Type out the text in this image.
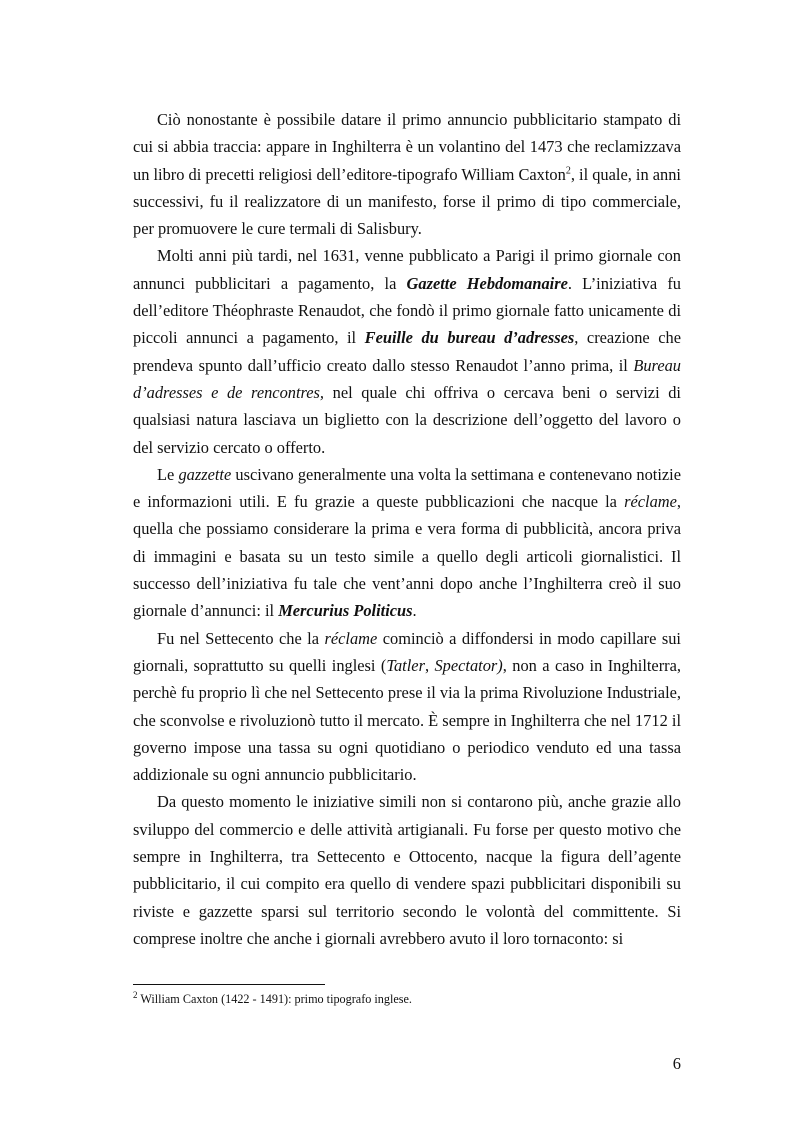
Ciò nonostante è possibile datare il primo annuncio pubblicitario stampato di cui si abbia traccia: appare in Inghilterra è un volantino del 1473 che reclamizzava un libro di precetti religiosi dell’editore-tipografo William Caxton$^2$, il quale, in anni successivi, fu il realizzatore di un manifesto, forse il primo di tipo commerciale, per promuovere le cure termali di Salisbury.

Molti anni più tardi, nel 1631, venne pubblicato a Parigi il primo giornale con annunci pubblicitari a pagamento, la Gazette Hebdomanaire. L’iniziativa fu dell’editore Théophraste Renaudot, che fondò il primo giornale fatto unicamente di piccoli annunci a pagamento, il Feuille du bureau d’adresses, creazione che prendeva spunto dall’ufficio creato dallo stesso Renaudot l’anno prima, il Bureau d’adresses e de rencontres, nel quale chi offriva o cercava beni o servizi di qualsiasi natura lasciava un biglietto con la descrizione dell’oggetto del lavoro o del servizio cercato o offerto.

Le gazzette uscivano generalmente una volta la settimana e contenevano notizie e informazioni utili. E fu grazie a queste pubblicazioni che nacque la réclame, quella che possiamo considerare la prima e vera forma di pubblicità, ancora priva di immagini e basata su un testo simile a quello degli articoli giornalistici. Il successo dell’iniziativa fu tale che vent’anni dopo anche l’Inghilterra creò il suo giornale d’annunci: il Mercurius Politicus.

Fu nel Settecento che la réclame cominciò a diffondersi in modo capillare sui giornali, soprattutto su quelli inglesi (Tatler, Spectator), non a caso in Inghilterra, perchè fu proprio lì che nel Settecento prese il via la prima Rivoluzione Industriale, che sconvolse e rivoluzionò tutto il mercato. È sempre in Inghilterra che nel 1712 il governo impose una tassa su ogni quotidiano o periodico venduto ed una tassa addizionale su ogni annuncio pubblicitario.

Da questo momento le iniziative simili non si contarono più, anche grazie allo sviluppo del commercio e delle attività artigianali. Fu forse per questo motivo che sempre in Inghilterra, tra Settecento e Ottocento, nacque la figura dell’agente pubblicitario, il cui compito era quello di vendere spazi pubblicitari disponibili su riviste e gazzette sparsi sul territorio secondo le volontà del committente. Si comprese inoltre che anche i giornali avrebbero avuto il loro tornaconto: si

$^2$ William Caxton (1422 - 1491): primo tipografo inglese.
6
